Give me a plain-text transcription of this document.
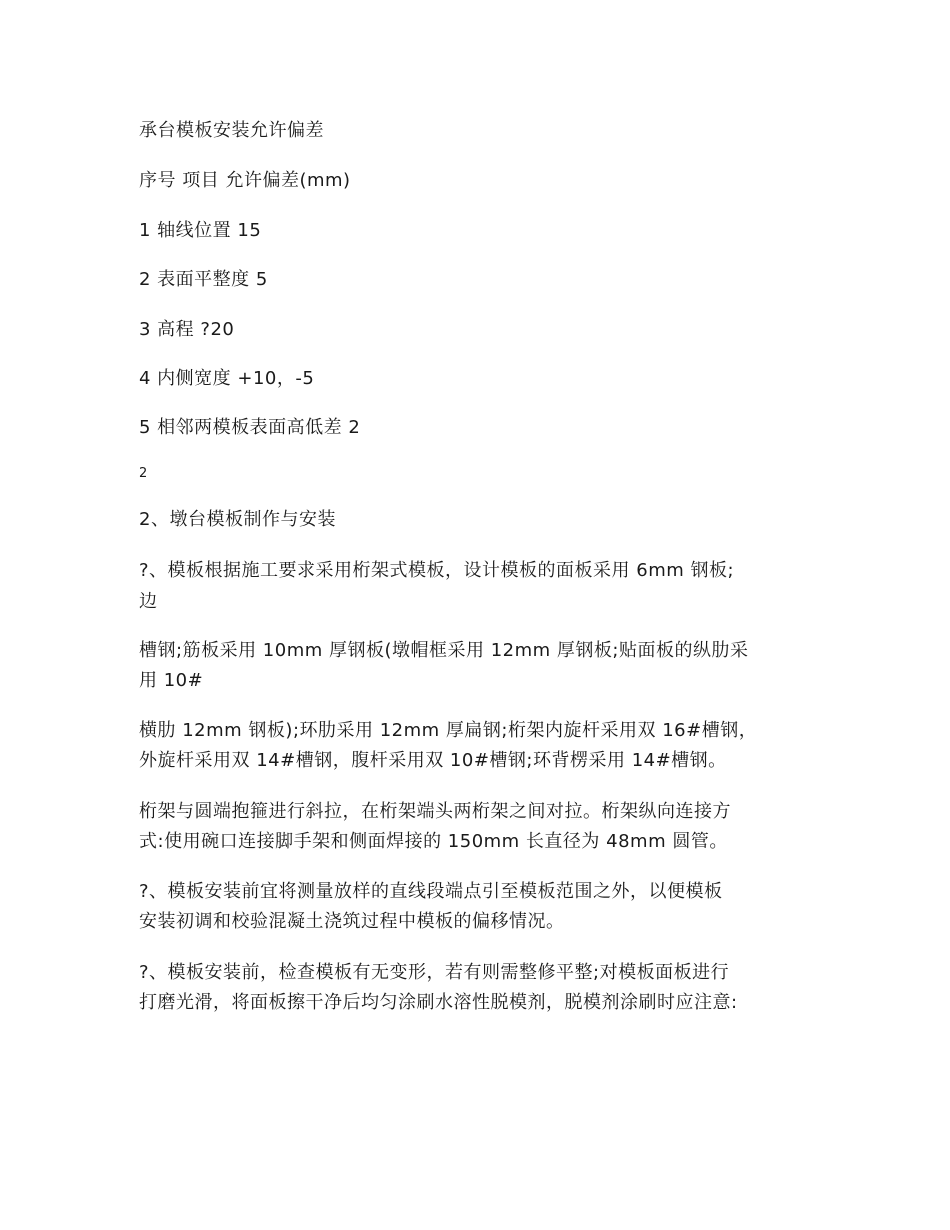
承台模板安装允许偏差
序号 项目 允许偏差(mm)
1 轴线位置 15
2 表面平整度 5
3 高程 ?20
4 内侧宽度 +10，-5
5 相邻两模板表面高低差 2
2
2、墩台模板制作与安装
?、模板根据施工要求采用桁架式模板，设计模板的面板采用 6mm 钢板;
边
槽钢;筋板采用 10mm 厚钢板(墩帽框采用 12mm 厚钢板;贴面板的纵肋采
用 10#
横肋 12mm 钢板);环肋采用 12mm 厚扁钢;桁架内旋杆采用双 16#槽钢，
外旋杆采用双 14#槽钢，腹杆采用双 10#槽钢;环背楞采用 14#槽钢。
桁架与圆端抱箍进行斜拉，在桁架端头两桁架之间对拉。桁架纵向连接方
式:使用碗口连接脚手架和侧面焊接的 150mm 长直径为 48mm 圆管。
?、模板安装前宜将测量放样的直线段端点引至模板范围之外，以便模板
安装初调和校验混凝土浇筑过程中模板的偏移情况。
?、模板安装前，检查模板有无变形，若有则需整修平整;对模板面板进行
打磨光滑，将面板擦干净后均匀涂刷水溶性脱模剂，脱模剂涂刷时应注意:
